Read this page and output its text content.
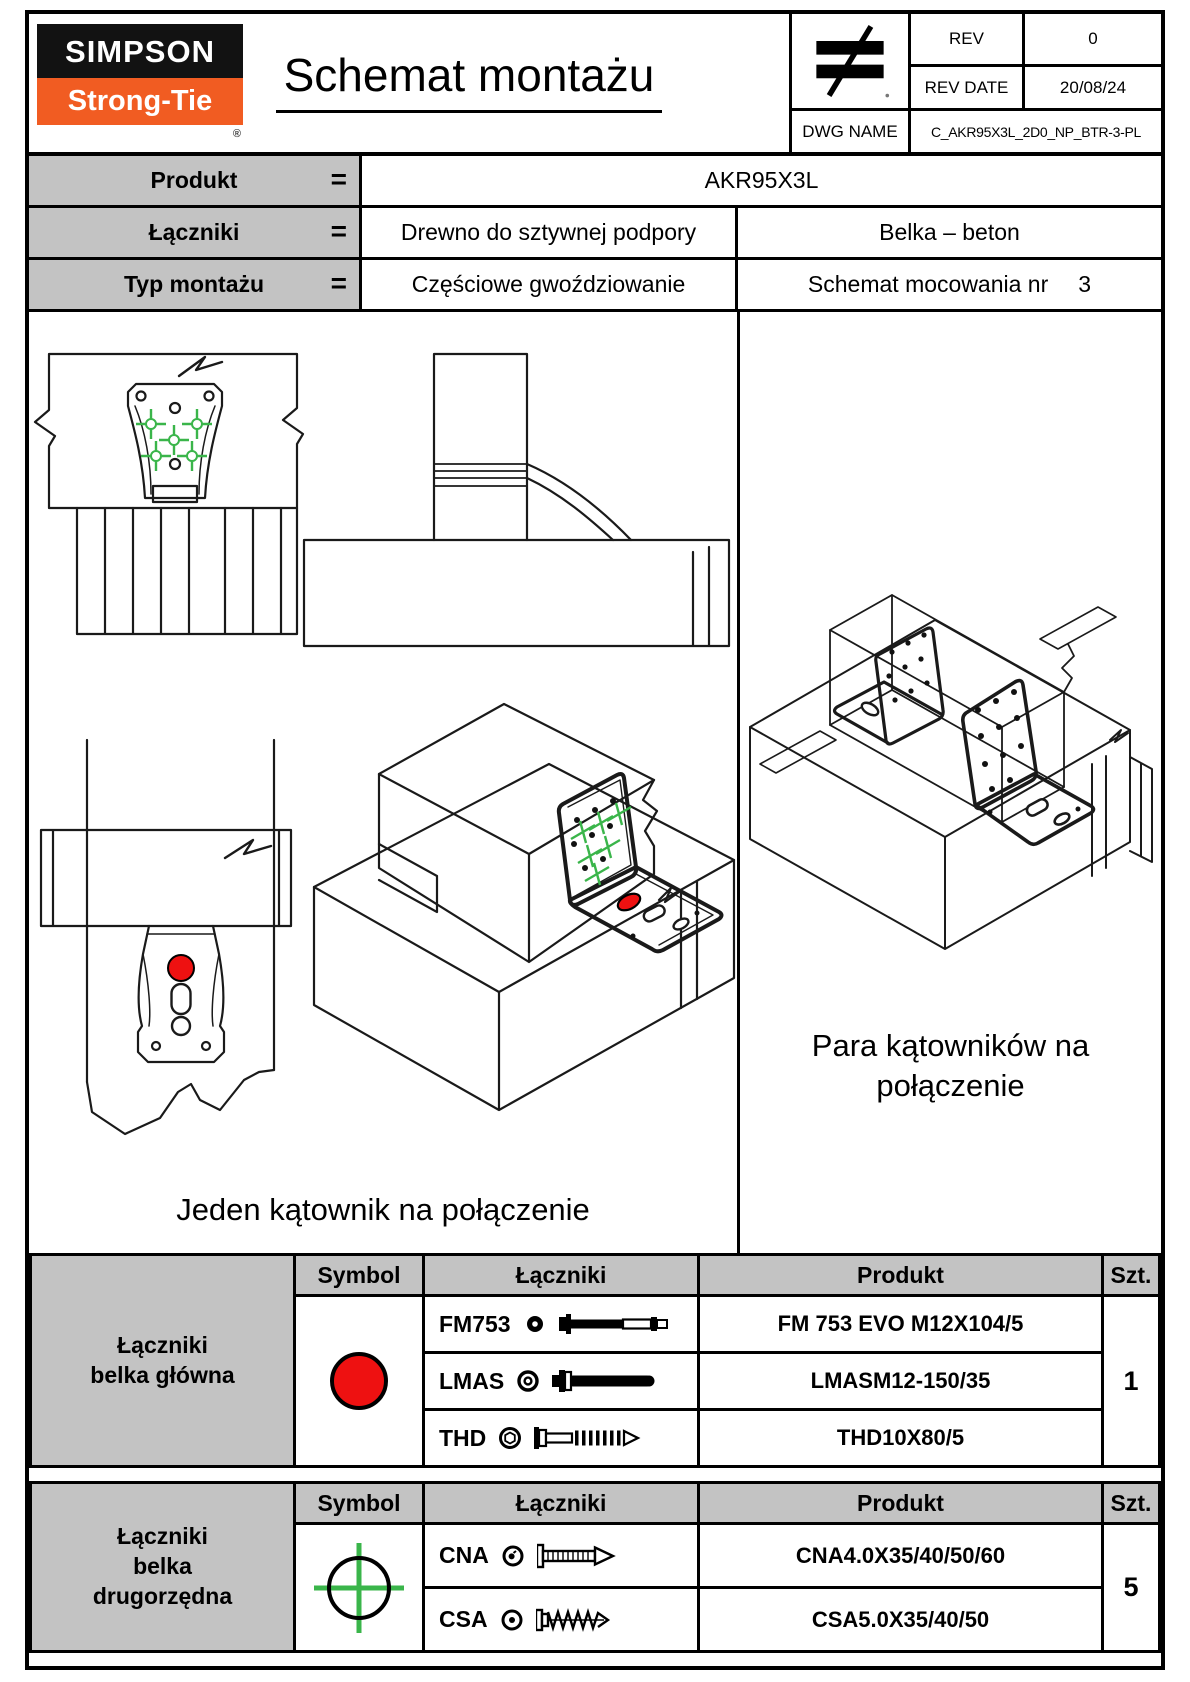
SIMPSON
Strong-Tie
®
Schemat montażu
REV	0
REV DATE	20/08/24
DWG NAME	C_AKR95X3L_2D0_NP_BTR-3-PL
Produkt	=	AKR95X3L
Łączniki	=	Drewno do sztywnej podpory	Belka – beton
Typ montażu =	Częściowe gwoździowanie	Schemat mocowania nr 3
Jeden kątownik na połączenie
Para kątowników na
połączenie
Łączniki
belka główna
Symbol	Łączniki	Produkt	Szt.
FM753	FM 753 EVO M12X104/5
LMAS	LMASM12-150/35
THD	THD10X80/5
1
Łączniki
belka
drugorzędna
Symbol	Łączniki	Produkt	Szt.
CNA	CNA4.0X35/40/50/60
CSA	CSA5.0X35/40/50
5
